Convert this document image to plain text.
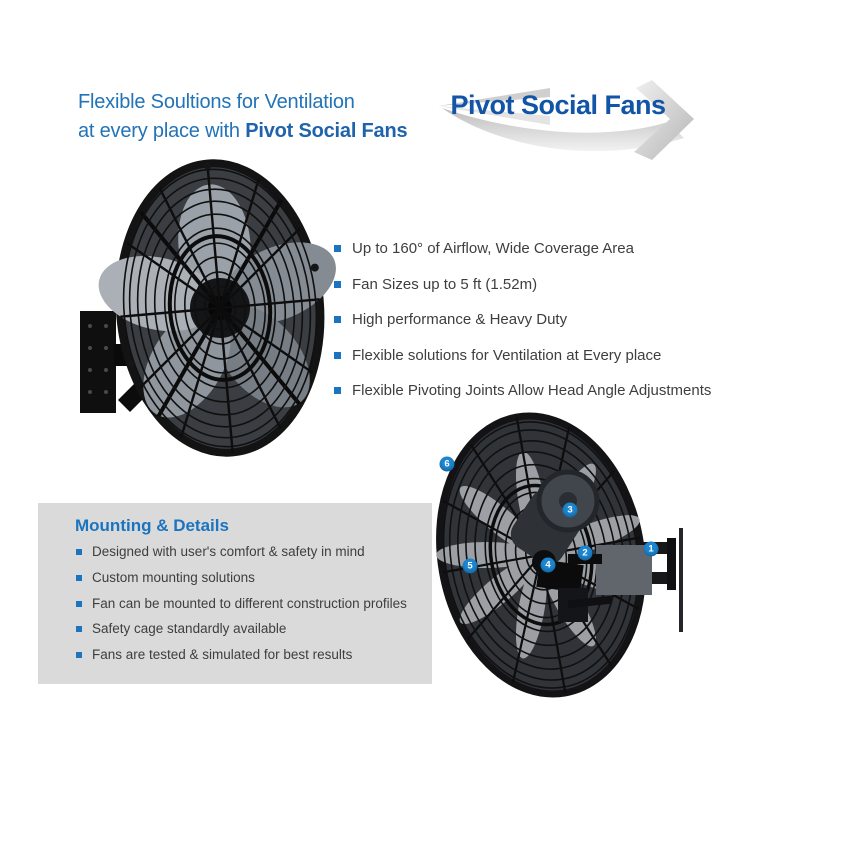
Flexible Soultions for Ventilation
at every place with Pivot Social Fans
Pivot Social Fans
Up to 160° of Airflow, Wide Coverage Area
Fan Sizes up to 5 ft (1.52m)
High performance & Heavy Duty
Flexible solutions for Ventilation at Every place
Flexible Pivoting Joints Allow Head Angle Adjustments
Mounting & Details
Designed with user's comfort & safety in mind
Custom mounting solutions
Fan can be mounted to different construction profiles
Safety cage standardly available
Fans are tested & simulated for best results
1
2
3
4
5
6
